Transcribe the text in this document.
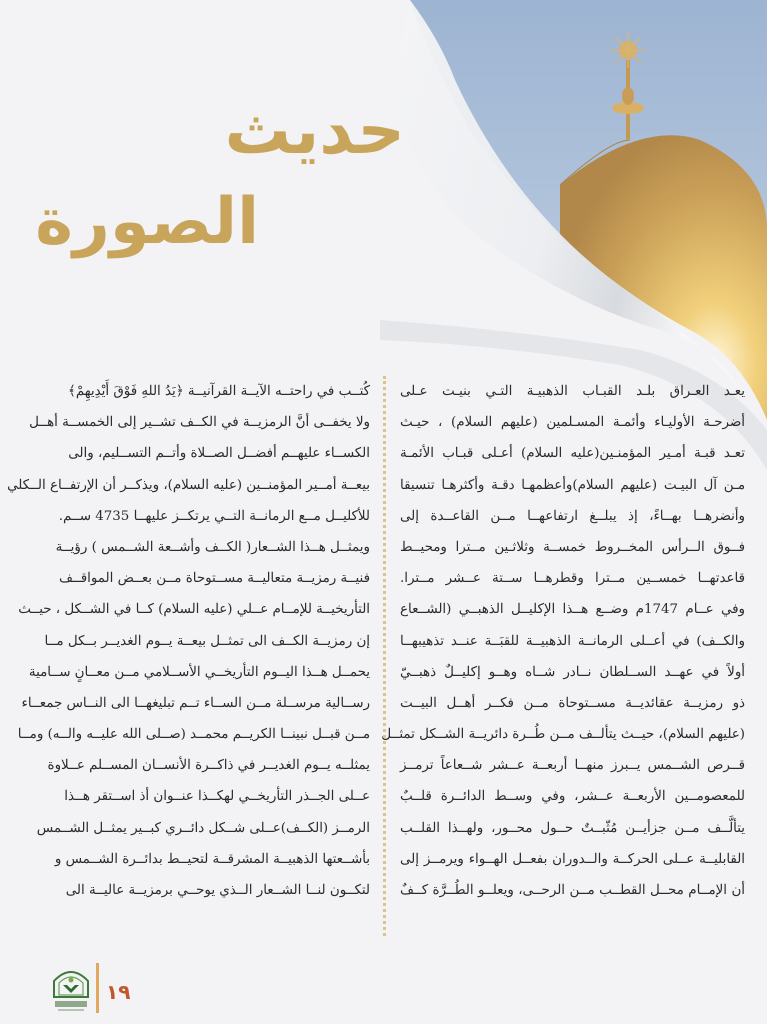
حديث
الصورة
يعـد العـراق بلـد القبـاب الذهبيـة التـي بنيـت عـلى
أضرحـة الأوليـاء وأئمـة المسـلمين (عليهم السلام) ، حيـث
تعـد قبـة أمـير المؤمنـين(عليه السلام) أعـلى قبـاب الأئمـة
مـن آل البيـت (عليهم السلام)وأعظمهـا دقـة وأكثرهـا تنسيقا
وأنضرهــا بهــاءً، إذ يبلــغ ارتفاعهــا مــن القاعــدة إلى
فــوق الــرأس المخــروط خمســة وثلاثـين مــترا ومحيــط
قاعدتهــا خمســين مــترا وقطرهــا ســتة عــشر مــترا.
وفي عــام 1747م وضــع هــذا الإكليــل الذهبــي (الشــعاع
والكــف) في أعــلى الرمانــة الذهبيــة للقبَــة عنــد تذهيبهــا
أولاً في عهــد الســلطان نــادر شــاه وهــو إكليــلٌ ذهبــيّ
ذو رمزيــة عقائديــة مســتوحاة مــن فكــر أهــل البيــت
(عليهم السلام)، حيــث يتألــف مــن طُــرة دائريــة الشــكل تمثــل
قــرص الشــمس يــبرز منهــا أربعــة عــشر شــعاعاً ترمــز
للمعصومــين الأربعــة عــشر، وفي وســط الدائــرة قلــبٌ
يتألَّــف مــن جزأيــن مُثّبــتٌ حــول محــور، ولهــذا القلــب
القابليــة عــلى الحركــة والــدوران بفعــل الهــواء ويرمــز إلى
أن الإمــام محــل القطــب مــن الرحــى، ويعلــو الطُــرَّة كــفٌ
كُتــب في راحتــه الآيــة القرآنيــة ﴿يَدُ اللهِ فَوْقَ أَيْدِيهِمْ﴾
ولا يخفــى أنَّ الرمزيــة في الكــف تشــير إلى الخمســة أهــل
الكســاء عليهــم أفضــل الصــلاة وأتــم التســليم، والى
بيعــة أمــير المؤمنــين (عليه السلام)، ويذكــر أن الإرتفــاع الــكلي
للأكليــل مــع الرمانــة التــي يرتكــز عليهــا 4735 ســم.
ويمثــل هــذا الشــعار( الكــف وأشــعة الشــمس ) رؤيــة
فنيــة رمزيــة متعاليــة مســتوحاة مــن بعــض المواقــف
التأريخيــة للإمــام عــلي (عليه السلام) كــا في الشــكل ، حيــث
إن رمزيــة الكــف الى تمثــل بيعــة يــوم الغديــر بــكل مــا
يحمــل هــذا اليــوم التأريخــي الأســلامي مــن معــانٍ ســامية
رســالية مرســلة مــن الســاء تــم تبليغهــا الى النــاس جمعــاء
مــن قبــل نبينــا الكريــم محمــد (صــلى الله عليــه والــه) ومــا
يمثلــه يــوم الغديــر في ذاكــرة الأنســان المســلم عــلاوة
عــلى الجــذر التأريخــي لهكــذا عنــوان أذ اســتقر هــذا
الرمــز (الكــف)عــلى شــكل دائــري كبــير يمثــل الشــمس
بأشــعتها الذهبيــة المشرقــة لتحيــط بدائــرة الشــمس و
لتكــون لنــا الشــعار الــذي يوحــي برمزيــة عاليــة الى
١٩
